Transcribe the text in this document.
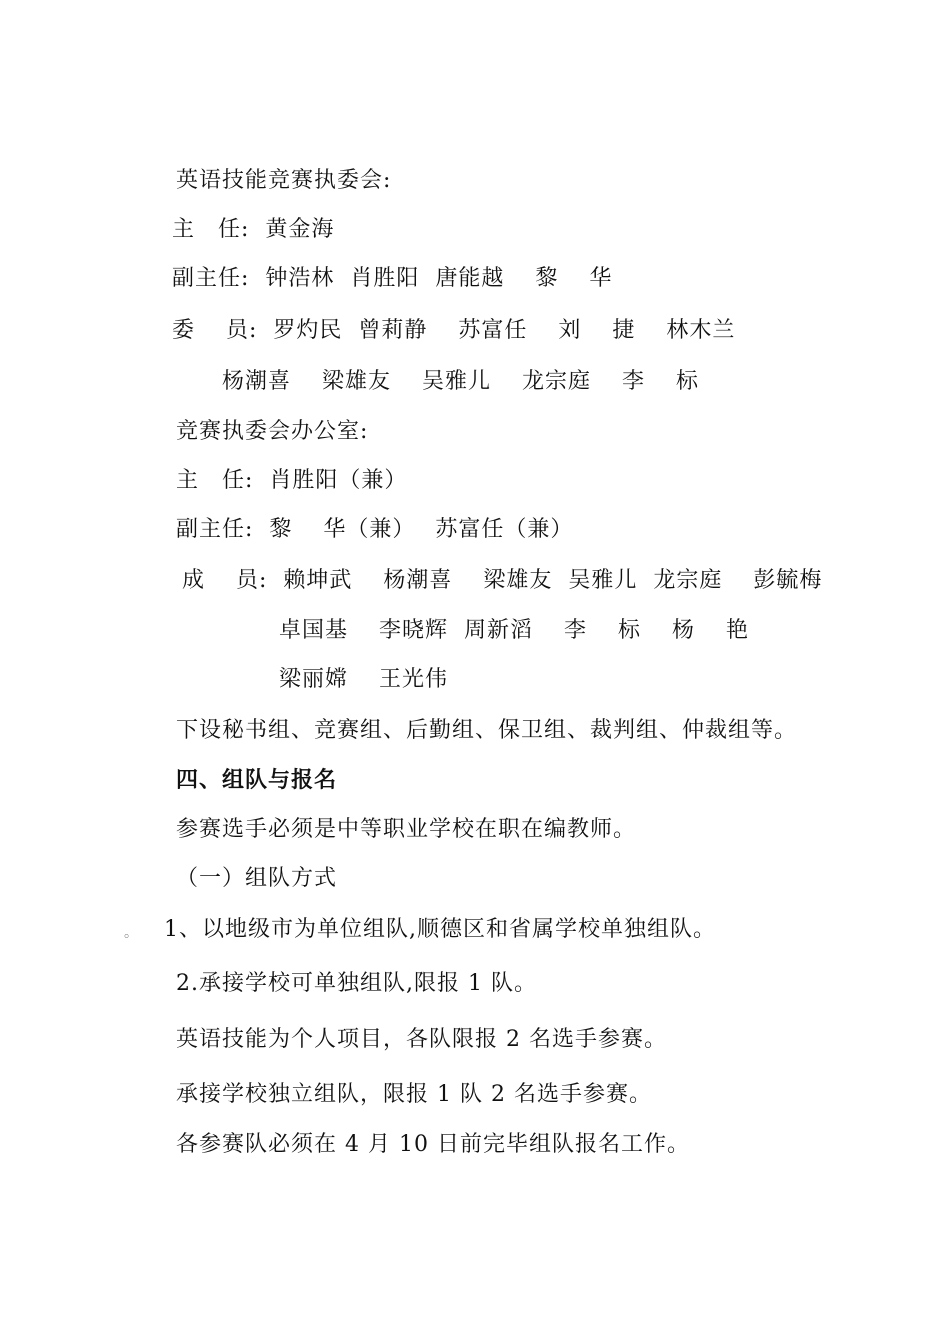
英语技能竞赛执委会:
主　任:  黄金海
副主任:  钟浩林  肖胜阳  唐能越　 黎　 华
委　 员:  罗灼民  曾莉静　 苏富任　 刘　 捷　 林木兰
杨潮喜　 梁雄友　 吴雅儿　 龙宗庭　 李　 标
竞赛执委会办公室:
主　任:  肖胜阳（兼）
副主任:  黎　 华（兼）　 苏富任（兼）
成　 员:  赖坤武　 杨潮喜　 梁雄友  吴雅儿  龙宗庭　 彭毓梅
卓国基　 李晓辉  周新滔　 李　 标　 杨　 艳
梁丽嫦　 王光伟
下设秘书组、竞赛组、后勤组、保卫组、裁判组、仲裁组等。
四、组队与报名
参赛选手必须是中等职业学校在职在编教师。
（一）组队方式
。 1、以地级市为单位组队,顺德区和省属学校单独组队。
2.承接学校可单独组队,限报 1 队。
英语技能为个人项目，各队限报 2 名选手参赛。
承接学校独立组队，限报 1 队 2 名选手参赛。
各参赛队必须在 4 月 10 日前完毕组队报名工作。
